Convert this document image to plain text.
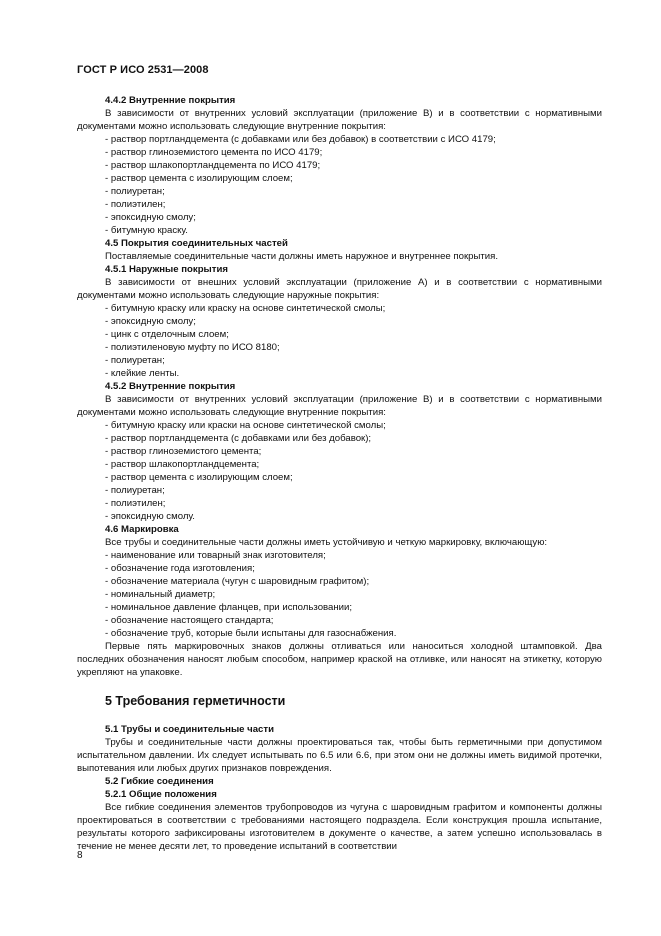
ГОСТ Р ИСО 2531—2008

4.4.2 Внутренние покрытия

В зависимости от внутренних условий эксплуатации (приложение В) и в соответствии с нормативными документами можно использовать следующие внутренние покрытия:

- раствор портландцемента (с добавками или без добавок) в соответствии с ИСО 4179;

- раствор глиноземистого цемента по ИСО 4179;

- раствор шлакопортландцемента по ИСО 4179;

- раствор цемента с изолирующим слоем;

- полиуретан;

- полиэтилен;

- эпоксидную смолу;

- битумную краску.

4.5 Покрытия соединительных частей

Поставляемые соединительные части должны иметь наружное и внутреннее покрытия.

4.5.1 Наружные покрытия

В зависимости от внешних условий эксплуатации (приложение А) и в соответствии с нормативными документами можно использовать следующие наружные покрытия:

- битумную краску или краску на основе синтетической смолы;

- эпоксидную смолу;

- цинк с отделочным слоем;

- полиэтиленовую муфту по ИСО 8180;

- полиуретан;

- клейкие ленты.

4.5.2 Внутренние покрытия

В зависимости от внутренних условий эксплуатации (приложение В) и в соответствии с нормативными документами можно использовать следующие внутренние покрытия:

- битумную краску или краски на основе синтетической смолы;

- раствор портландцемента (с добавками или без добавок);

- раствор глиноземистого цемента;

- раствор шлакопортландцемента;

- раствор цемента с изолирующим слоем;

- полиуретан;

- полиэтилен;

- эпоксидную смолу.

4.6 Маркировка

Все трубы и соединительные части должны иметь устойчивую и четкую маркировку, включающую:

- наименование или товарный знак изготовителя;

- обозначение года изготовления;

- обозначение материала (чугун с шаровидным графитом);

- номинальный диаметр;

- номинальное давление фланцев, при использовании;

- обозначение настоящего стандарта;

- обозначение труб, которые были испытаны для газоснабжения.

Первые пять маркировочных знаков должны отливаться или наноситься холодной штамповкой. Два последних обозначения наносят любым способом, например краской на отливке, или наносят на этикетку, которую укрепляют на упаковке.

5 Требования герметичности

5.1 Трубы и соединительные части

Трубы и соединительные части должны проектироваться так, чтобы быть герметичными при допустимом испытательном давлении. Их следует испытывать по 6.5 или 6.6, при этом они не должны иметь видимой протечки, выпотевания или любых других признаков повреждения.

5.2 Гибкие соединения

5.2.1 Общие положения

Все гибкие соединения элементов трубопроводов из чугуна с шаровидным графитом и компоненты должны проектироваться в соответствии с требованиями настоящего подраздела. Если конструкция прошла испытание, результаты которого зафиксированы изготовителем в документе о качестве, а затем успешно использовалась в течение не менее десяти лет, то проведение испытаний в соответствии

8
